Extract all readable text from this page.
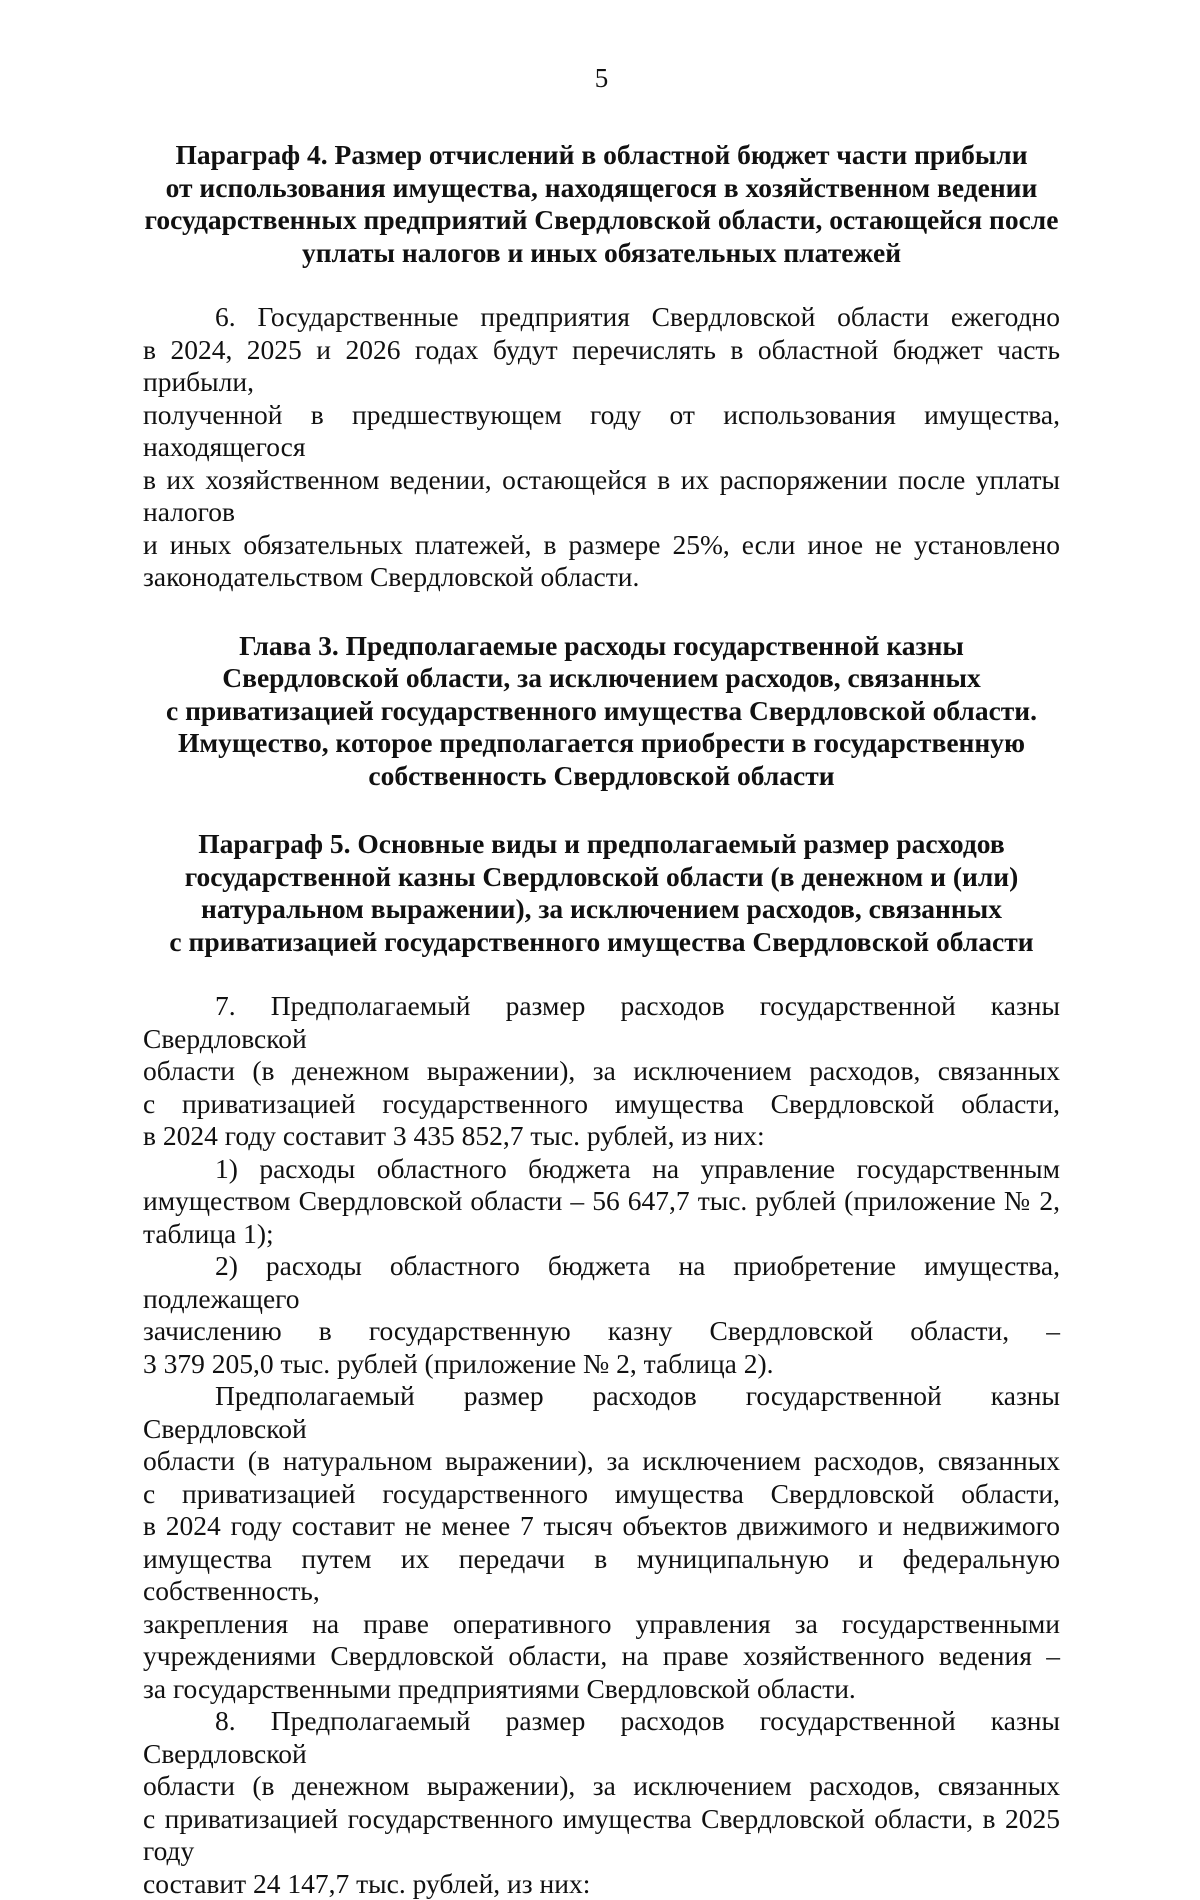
5
Параграф 4. Размер отчислений в областной бюджет части прибыли
от использования имущества, находящегося в хозяйственном ведении
государственных предприятий Свердловской области, остающейся после
уплаты налогов и иных обязательных платежей
6. Государственные предприятия Свердловской области ежегодно
в 2024, 2025 и 2026 годах будут перечислять в областной бюджет часть прибыли,
полученной в предшествующем году от использования имущества, находящегося
в их хозяйственном ведении, остающейся в их распоряжении после уплаты налогов
и иных обязательных платежей, в размере 25%, если иное не установлено
законодательством Свердловской области.
Глава 3. Предполагаемые расходы государственной казны
Свердловской области, за исключением расходов, связанных
с приватизацией государственного имущества Свердловской области.
Имущество, которое предполагается приобрести в государственную
собственность Свердловской области
Параграф 5. Основные виды и предполагаемый размер расходов
государственной казны Свердловской области (в денежном и (или)
натуральном выражении), за исключением расходов, связанных
с приватизацией государственного имущества Свердловской области
7. Предполагаемый размер расходов государственной казны Свердловской
области (в денежном выражении), за исключением расходов, связанных
с приватизацией государственного имущества Свердловской области,
в 2024 году составит 3 435 852,7 тыс. рублей, из них:
1) расходы областного бюджета на управление государственным
имуществом Свердловской области – 56 647,7 тыс. рублей (приложение № 2,
таблица 1);
2) расходы областного бюджета на приобретение имущества, подлежащего
зачислению в государственную казну Свердловской области, –
3 379 205,0 тыс. рублей (приложение № 2, таблица 2).
Предполагаемый размер расходов государственной казны Свердловской
области (в натуральном выражении), за исключением расходов, связанных
с приватизацией государственного имущества Свердловской области,
в 2024 году составит не менее 7 тысяч объектов движимого и недвижимого
имущества путем их передачи в муниципальную и федеральную собственность,
закрепления на праве оперативного управления за государственными
учреждениями Свердловской области, на праве хозяйственного ведения –
за государственными предприятиями Свердловской области.
8. Предполагаемый размер расходов государственной казны Свердловской
области (в денежном выражении), за исключением расходов, связанных
с приватизацией государственного имущества Свердловской области, в 2025 году
составит 24 147,7 тыс. рублей, из них:
